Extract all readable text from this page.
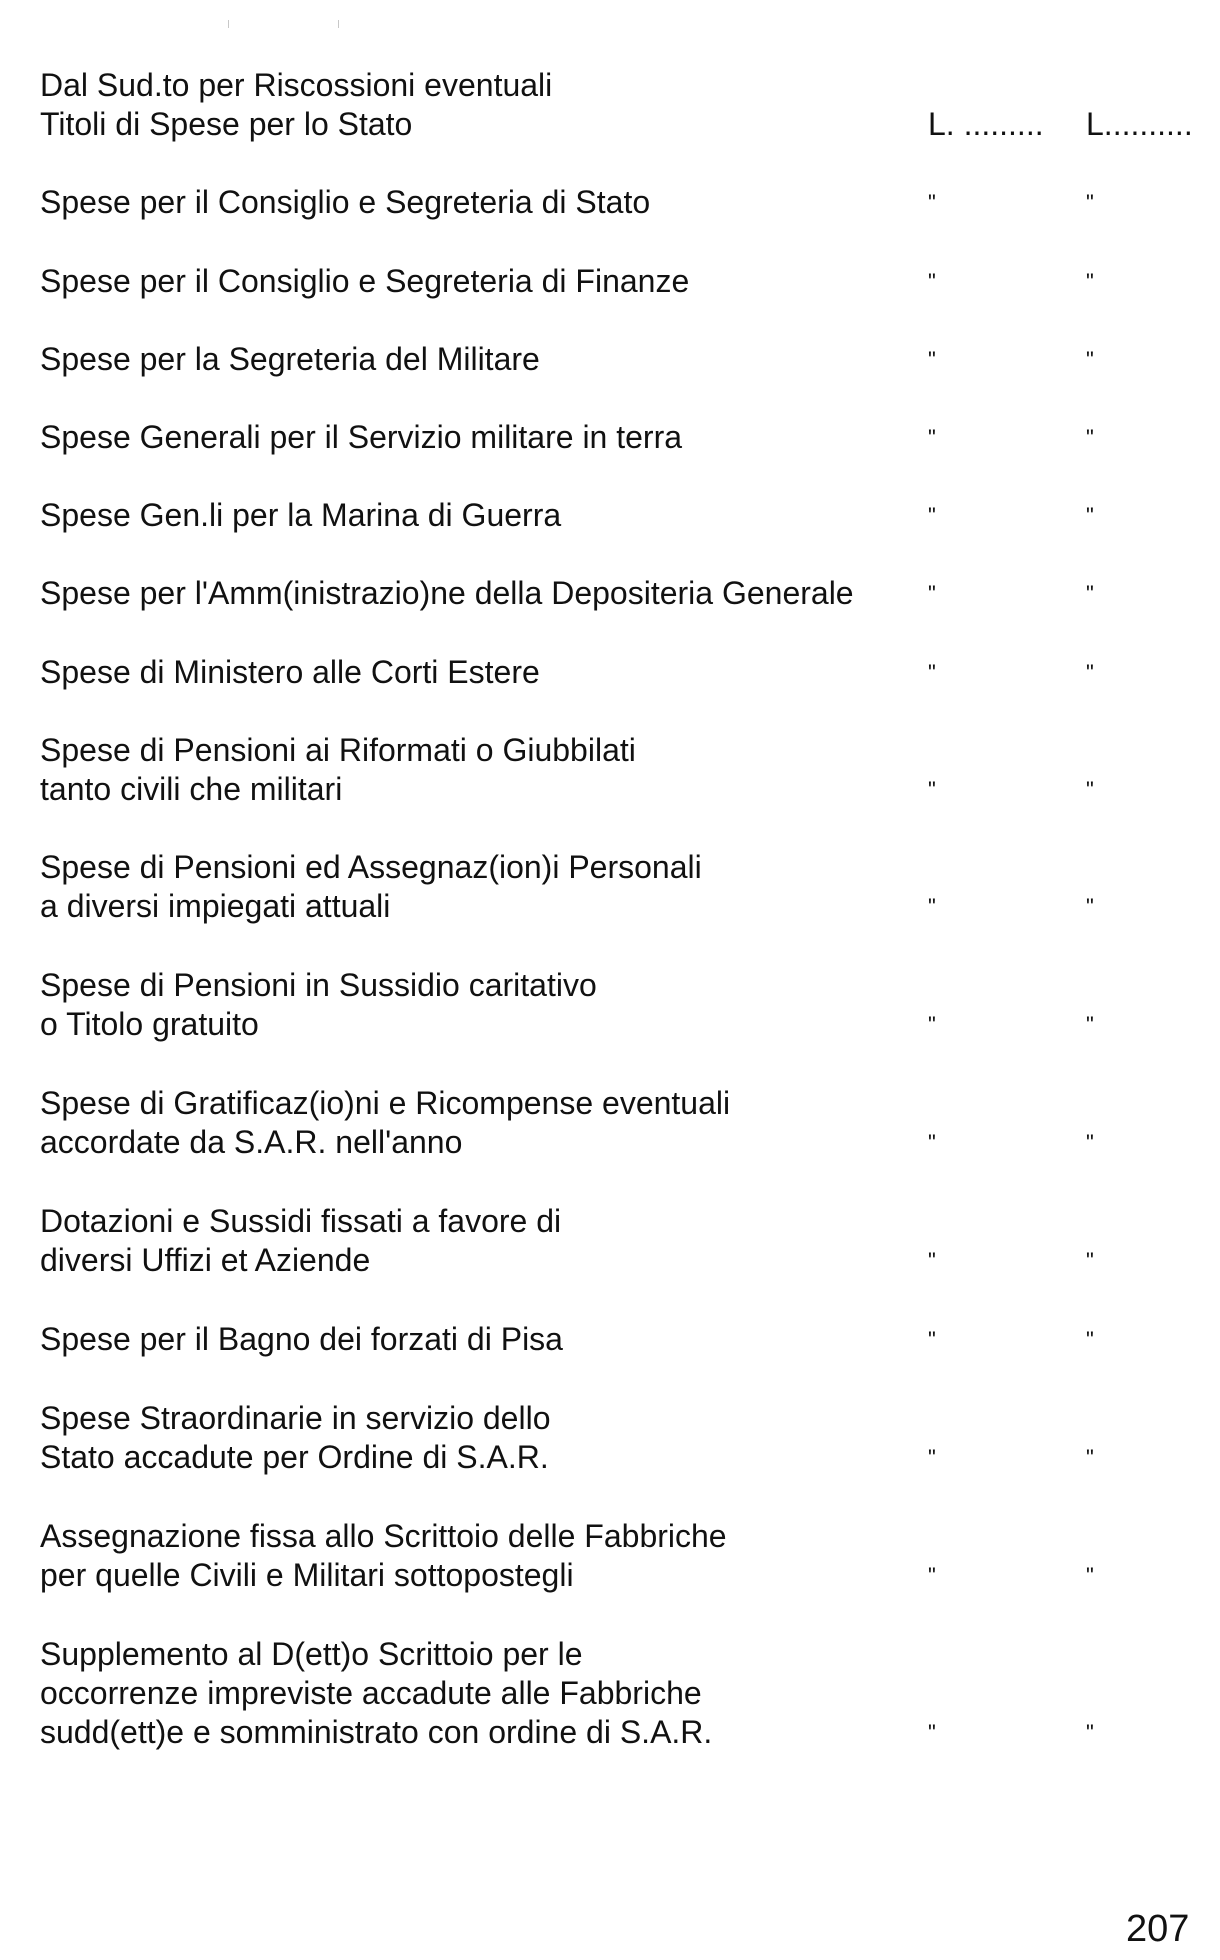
Dal Sud.to per Riscossioni eventuali
Titoli di Spese per lo Stato	L. ......... L..........
Spese per il Consiglio e Segreteria di Stato	"	"
Spese per il Consiglio e Segreteria di Finanze	"	"
Spese per la Segreteria del Militare	"	"
Spese Generali per il Servizio militare in terra	"	"
Spese Gen.li per la Marina di Guerra	"	"
Spese per l'Amm(inistrazio)ne della Depositeria Generale	"	"
Spese di Ministero alle Corti Estere	"	"
Spese di Pensioni ai Riformati o Giubbilati
tanto civili che militari	"	"
Spese di Pensioni ed Assegnaz(ion)i Personali
a diversi impiegati attuali	"	"
Spese di Pensioni in Sussidio caritativo
o Titolo gratuito	"	"
Spese di Gratificaz(io)ni e Ricompense eventuali
accordate da S.A.R. nell'anno	"	"
Dotazioni e Sussidi fissati a favore di
diversi Uffizi et Aziende	"	"
Spese per il Bagno dei forzati di Pisa	"	"
Spese Straordinarie in servizio dello
Stato accadute per Ordine di S.A.R.	"	"
Assegnazione fissa allo Scrittoio delle Fabbriche
per quelle Civili e Militari sottopostegli	"	"
Supplemento al D(ett)o Scrittoio per le
occorrenze impreviste accadute alle Fabbriche
sudd(ett)e e somministrato con ordine di S.A.R.	"	"
207
